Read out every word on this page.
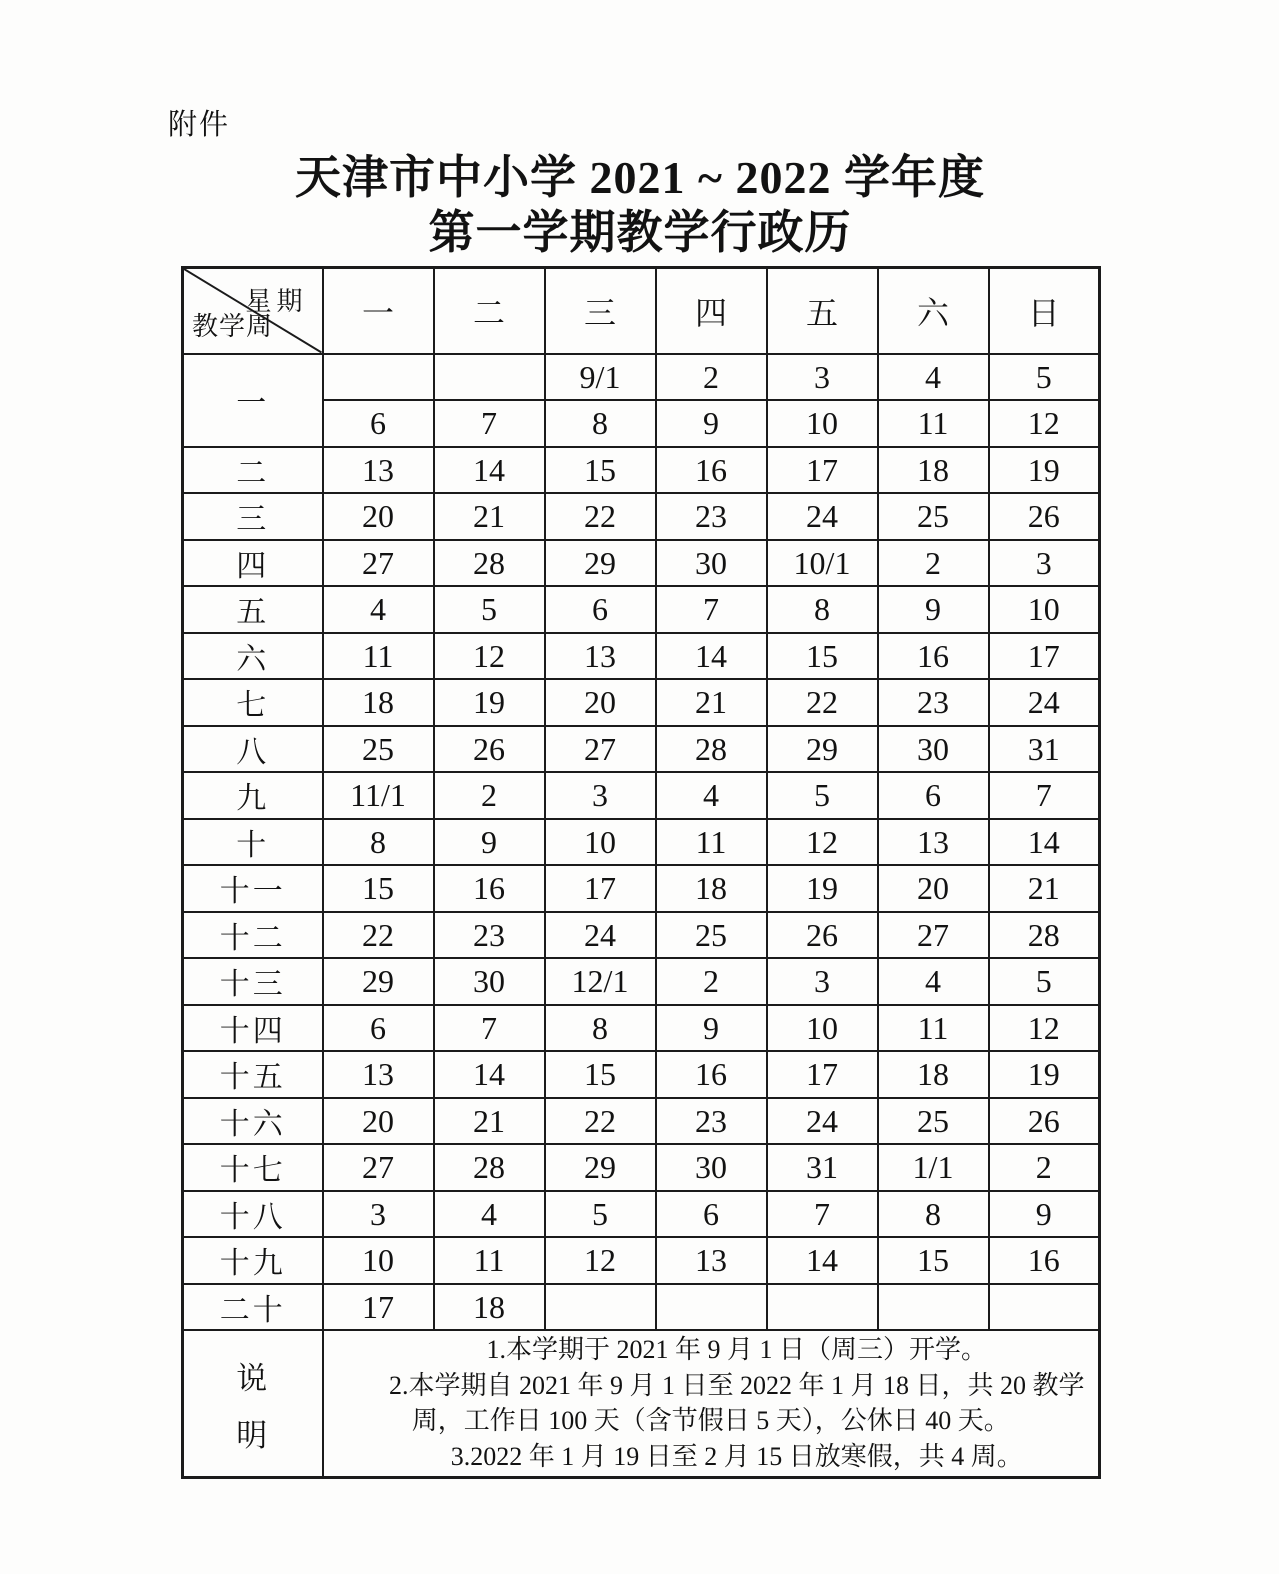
附件
天津市中小学 2021 ~ 2022 学年度
第一学期教学行政历
星期
教学周	一	二	三	四	五	六	日
一			9/1	2	3	4	5
	6	7	8	9	10	11	12
二	13	14	15	16	17	18	19
三	20	21	22	23	24	25	26
四	27	28	29	30	10/1	2	3
五	4	5	6	7	8	9	10
六	11	12	13	14	15	16	17
七	18	19	20	21	22	23	24
八	25	26	27	28	29	30	31
九	11/1	2	3	4	5	6	7
十	8	9	10	11	12	13	14
十一	15	16	17	18	19	20	21
十二	22	23	24	25	26	27	28
十三	29	30	12/1	2	3	4	5
十四	6	7	8	9	10	11	12
十五	13	14	15	16	17	18	19
十六	20	21	22	23	24	25	26
十七	27	28	29	30	31	1/1	2
十八	3	4	5	6	7	8	9
十九	10	11	12	13	14	15	16
二十	17	18					

说
明

1.本学期于 2021 年 9 月 1 日（周三）开学。

2.本学期自 2021 年 9 月 1 日至 2022 年 1 月 18 日，共 20 教学周，工作日 100 天（含节假日 5 天），公休日 40 天。

3.2022 年 1 月 19 日至 2 月 15 日放寒假，共 4 周。
